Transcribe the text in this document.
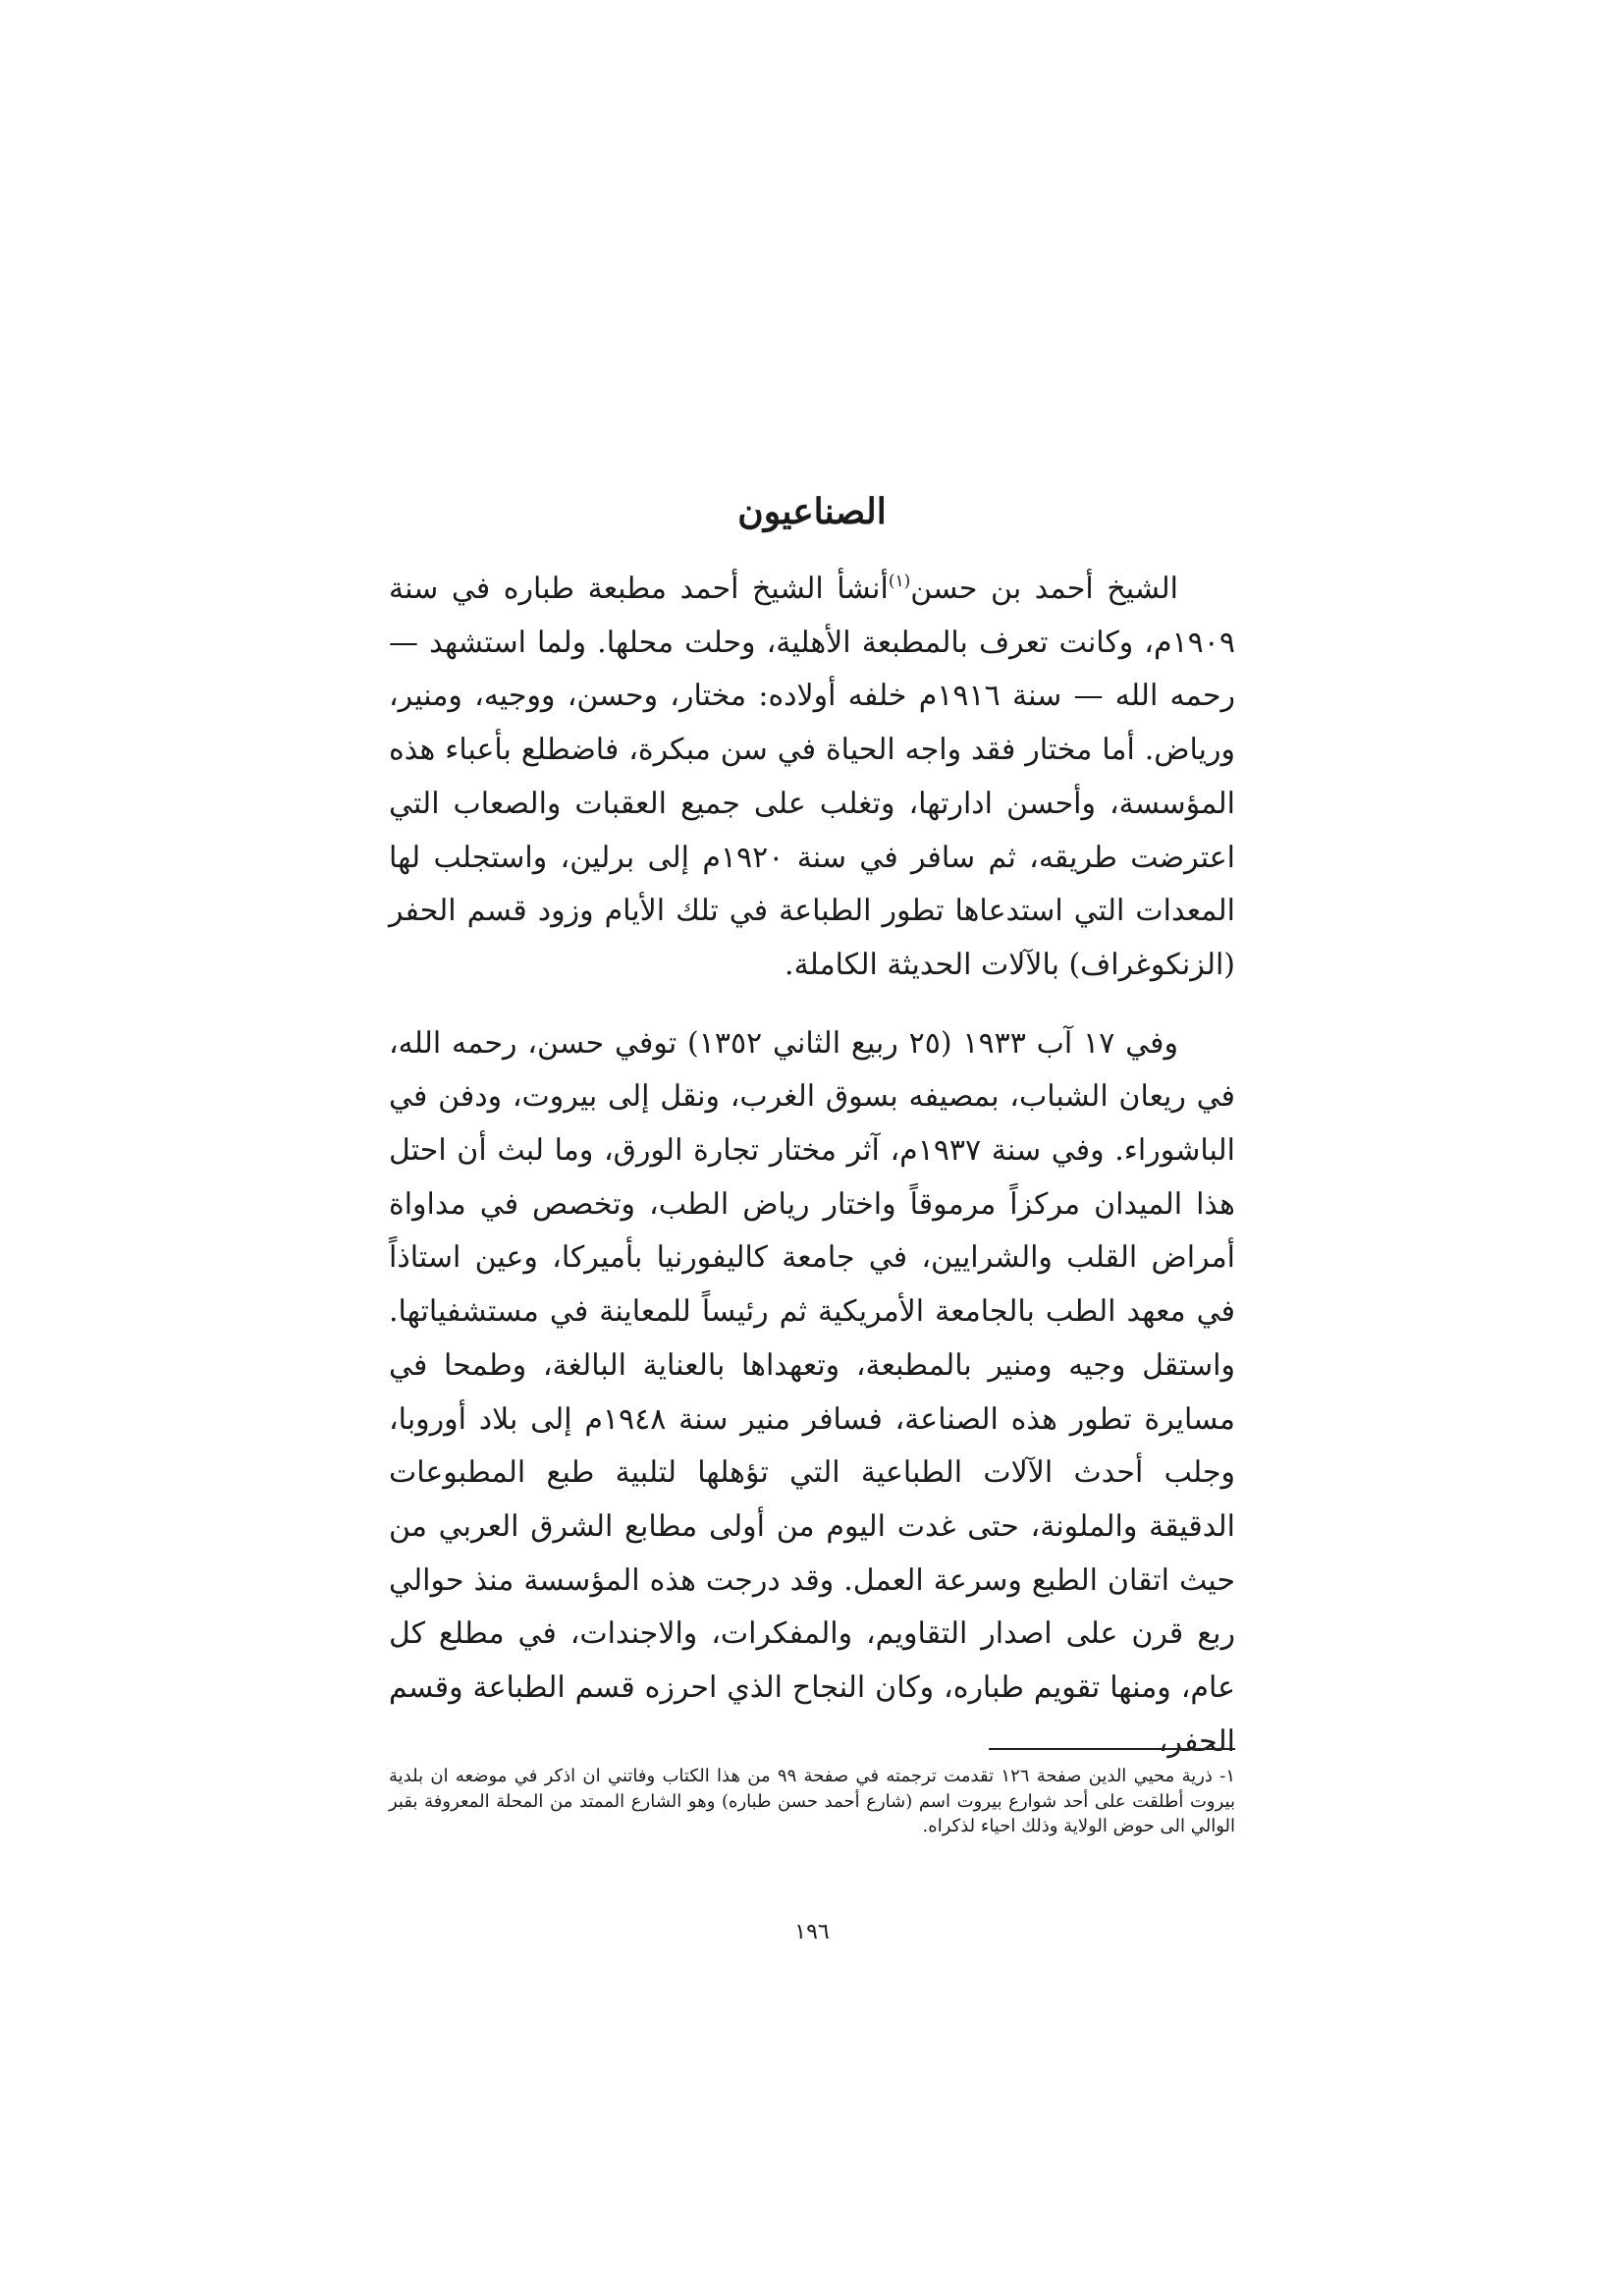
الصناعيون

الشيخ أحمد بن حسن$^{(١)}$أنشأ الشيخ أحمد مطبعة طباره في سنة ١٩٠٩م، وكانت تعرف بالمطبعة الأهلية، وحلت محلها. ولما استشهد — رحمه الله — سنة ١٩١٦م خلفه أولاده: مختار، وحسن، ووجيه، ومنير، ورياض. أما مختار فقد واجه الحياة في سن مبكرة، فاضطلع بأعباء هذه المؤسسة، وأحسن ادارتها، وتغلب على جميع العقبات والصعاب التي اعترضت طريقه، ثم سافر في سنة ١٩٢٠م إلى برلين، واستجلب لها المعدات التي استدعاها تطور الطباعة في تلك الأيام وزود قسم الحفر (الزنكوغراف) بالآلات الحديثة الكاملة.

وفي ١٧ آب ١٩٣٣ (٢٥ ربيع الثاني ١٣٥٢) توفي حسن، رحمه الله، في ريعان الشباب، بمصيفه بسوق الغرب، ونقل إلى بيروت، ودفن في الباشوراء. وفي سنة ١٩٣٧م، آثر مختار تجارة الورق، وما لبث أن احتل هذا الميدان مركزاً مرموقاً واختار رياض الطب، وتخصص في مداواة أمراض القلب والشرايين، في جامعة كاليفورنيا بأميركا، وعين استاذاً في معهد الطب بالجامعة الأمريكية ثم رئيساً للمعاينة في مستشفياتها. واستقل وجيه ومنير بالمطبعة، وتعهداها بالعناية البالغة، وطمحا في مسايرة تطور هذه الصناعة، فسافر منير سنة ١٩٤٨م إلى بلاد أوروبا، وجلب أحدث الآلات الطباعية التي تؤهلها لتلبية طبع المطبوعات الدقيقة والملونة، حتى غدت اليوم من أولى مطابع الشرق العربي من حيث اتقان الطبع وسرعة العمل. وقد درجت هذه المؤسسة منذ حوالي ربع قرن على اصدار التقاويم، والمفكرات، والاجندات، في مطلع كل عام، ومنها تقويم طباره، وكان النجاح الذي احرزه قسم الطباعة وقسم الحفر،

١- ذرية محيي الدين صفحة ١٢٦ تقدمت ترجمته في صفحة ٩٩ من هذا الكتاب وفاتني ان اذكر في موضعه ان بلدية بيروت أطلقت على أحد شوارع بيروت اسم (شارع أحمد حسن طباره) وهو الشارع الممتد من المحلة المعروفة بقبر الوالي الى حوض الولاية وذلك احياء لذكراه.

١٩٦
